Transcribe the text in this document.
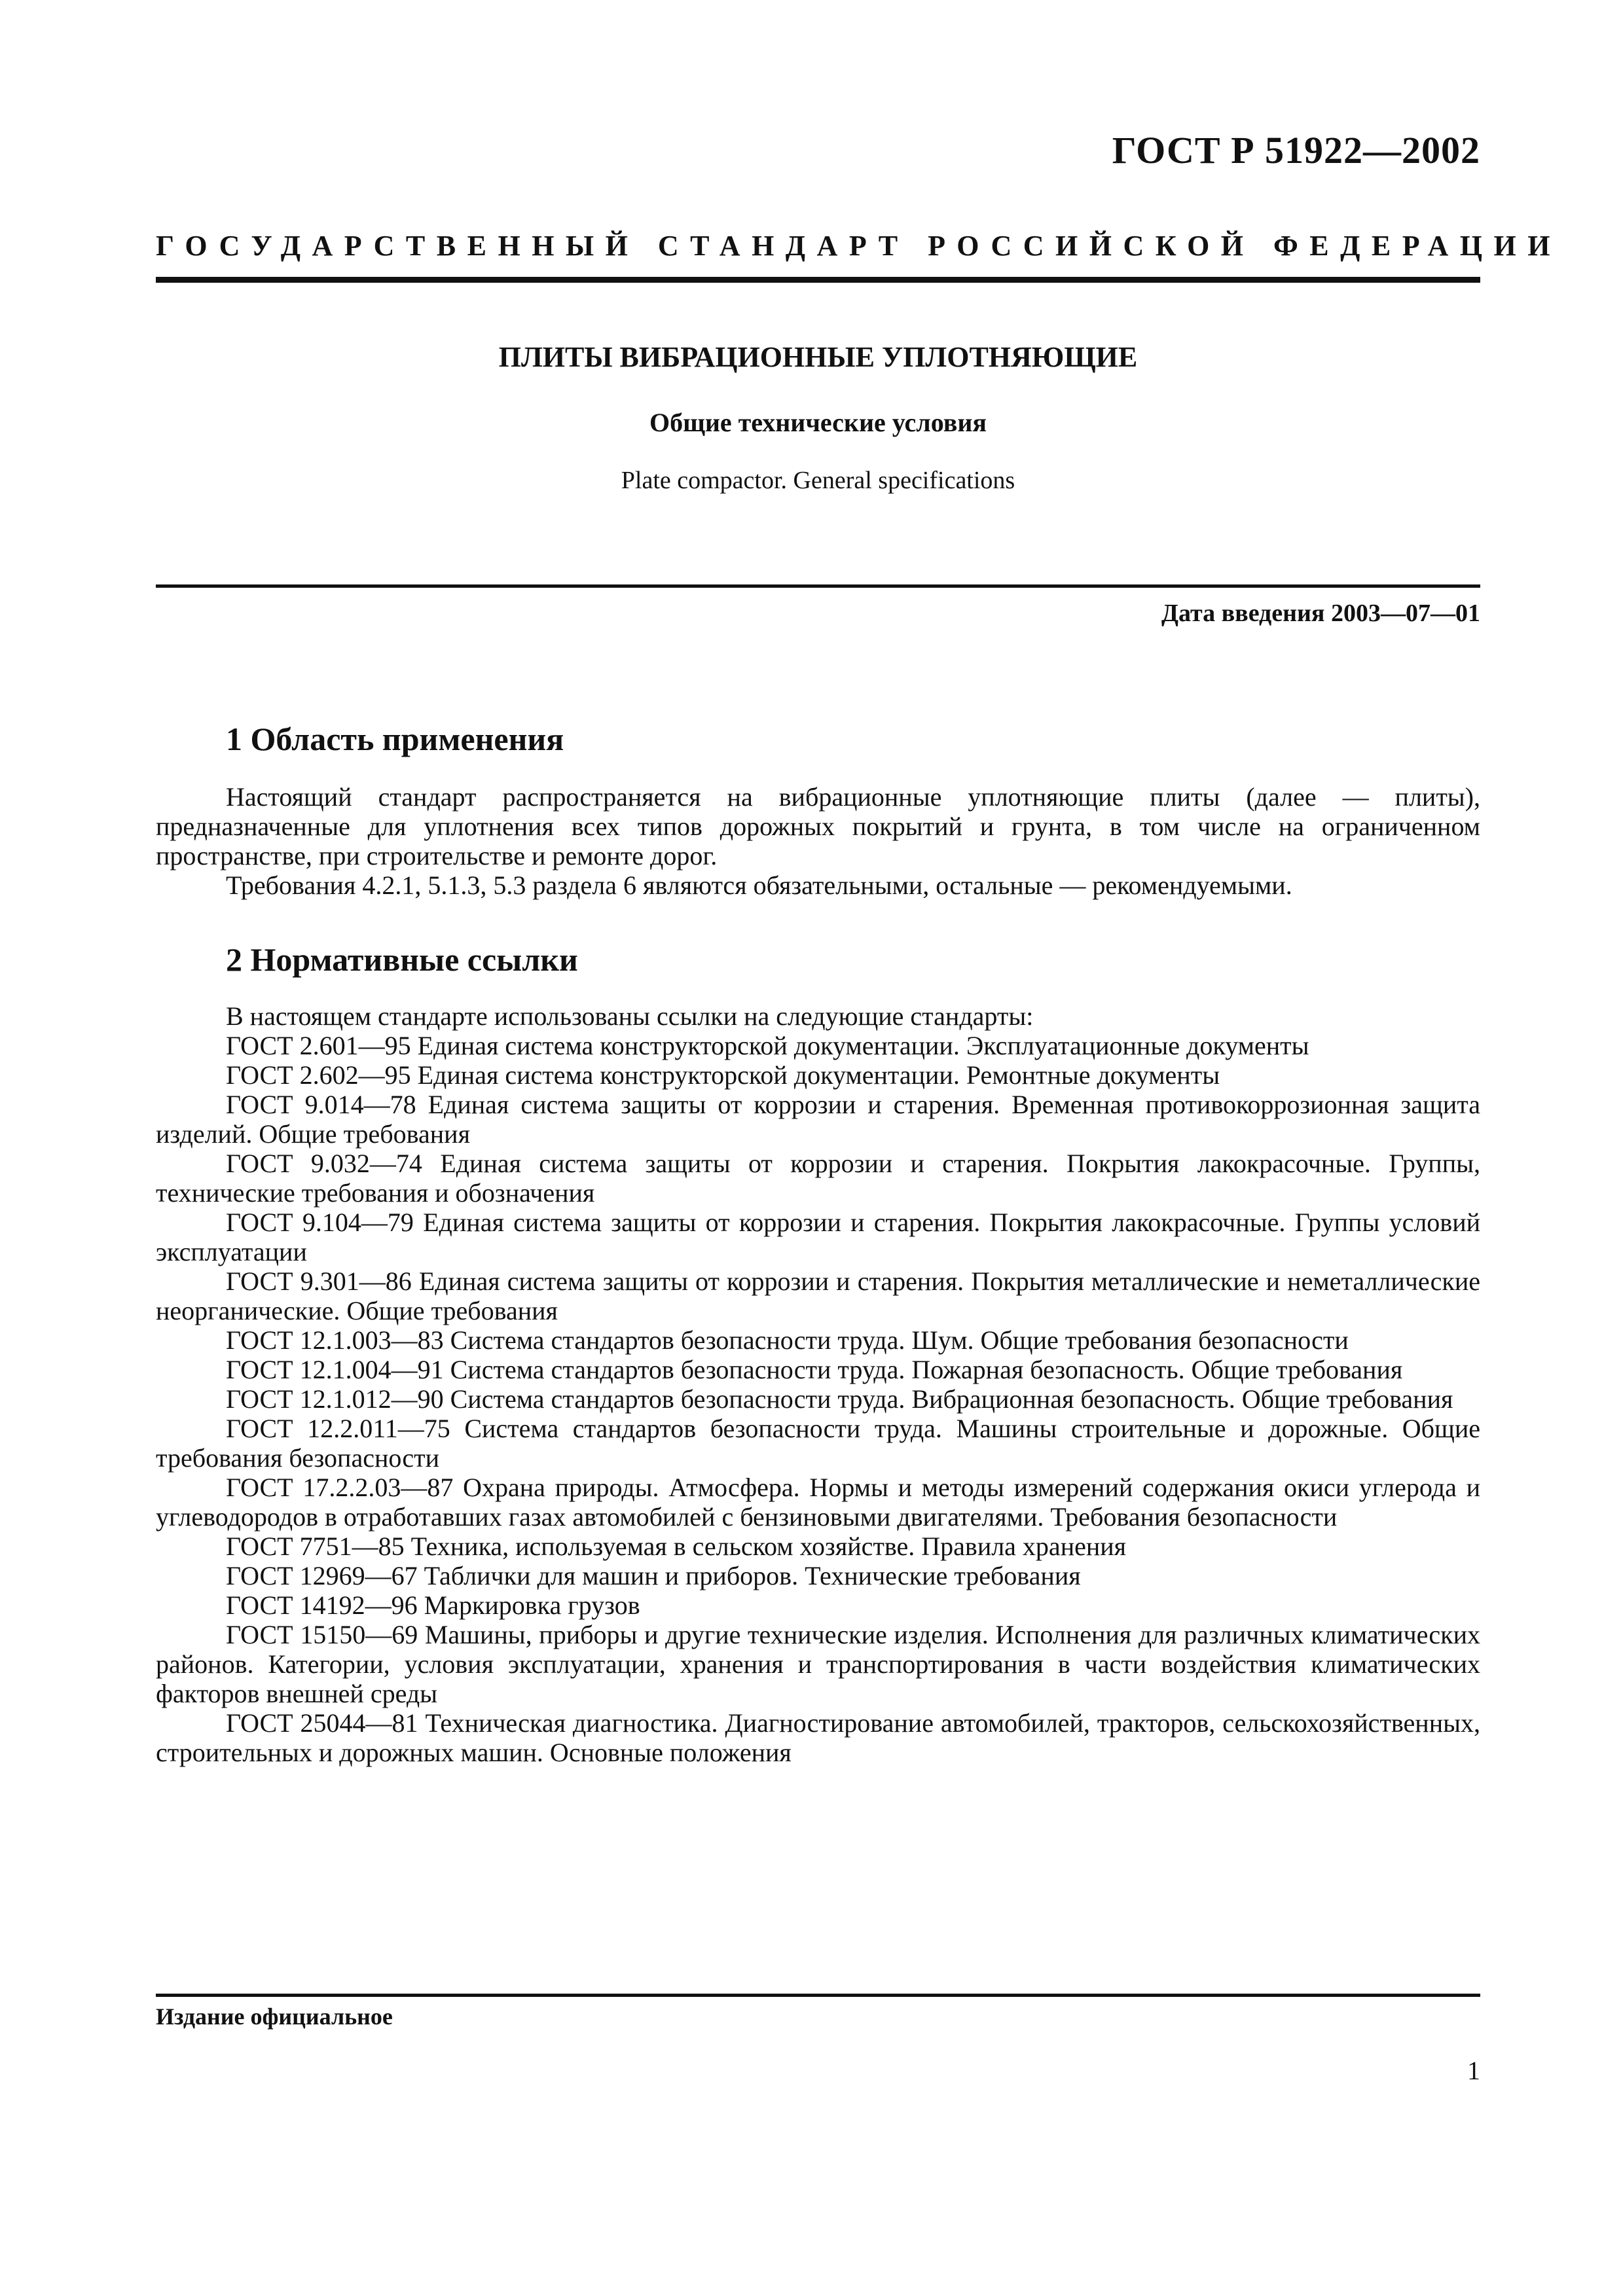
ГОСТ Р 51922—2002
ГОСУДАРСТВЕННЫЙ СТАНДАРТ РОССИЙСКОЙ ФЕДЕРАЦИИ
ПЛИТЫ ВИБРАЦИОННЫЕ УПЛОТНЯЮЩИЕ
Общие технические условия
Plate compactor. General specifications
Дата введения 2003—07—01
1 Область применения

Настоящий стандарт распространяется на вибрационные уплотняющие плиты (далее — плиты), предназначенные для уплотнения всех типов дорожных покрытий и грунта, в том числе на ограниченном пространстве, при строительстве и ремонте дорог.

Требования 4.2.1, 5.1.3, 5.3 раздела 6 являются обязательными, остальные — рекомендуемыми.

2 Нормативные ссылки

В настоящем стандарте использованы ссылки на следующие стандарты:

ГОСТ 2.601—95 Единая система конструкторской документации. Эксплуатационные документы

ГОСТ 2.602—95 Единая система конструкторской документации. Ремонтные документы

ГОСТ 9.014—78 Единая система защиты от коррозии и старения. Временная противокоррозионная защита изделий. Общие требования

ГОСТ 9.032—74 Единая система защиты от коррозии и старения. Покрытия лакокрасочные. Группы, технические требования и обозначения

ГОСТ 9.104—79 Единая система защиты от коррозии и старения. Покрытия лакокрасочные. Группы условий эксплуатации

ГОСТ 9.301—86 Единая система защиты от коррозии и старения. Покрытия металлические и неметаллические неорганические. Общие требования

ГОСТ 12.1.003—83 Система стандартов безопасности труда. Шум. Общие требования безопасности

ГОСТ 12.1.004—91 Система стандартов безопасности труда. Пожарная безопасность. Общие требования

ГОСТ 12.1.012—90 Система стандартов безопасности труда. Вибрационная безопасность. Общие требования

ГОСТ 12.2.011—75 Система стандартов безопасности труда. Машины строительные и дорожные. Общие требования безопасности

ГОСТ 17.2.2.03—87 Охрана природы. Атмосфера. Нормы и методы измерений содержания окиси углерода и углеводородов в отработавших газах автомобилей с бензиновыми двигателями. Требования безопасности

ГОСТ 7751—85 Техника, используемая в сельском хозяйстве. Правила хранения

ГОСТ 12969—67 Таблички для машин и приборов. Технические требования

ГОСТ 14192—96 Маркировка грузов

ГОСТ 15150—69 Машины, приборы и другие технические изделия. Исполнения для различных климатических районов. Категории, условия эксплуатации, хранения и транспортирования в части воздействия климатических факторов внешней среды

ГОСТ 25044—81 Техническая диагностика. Диагностирование автомобилей, тракторов, сельскохозяйственных, строительных и дорожных машин. Основные положения

Издание официальное
1
